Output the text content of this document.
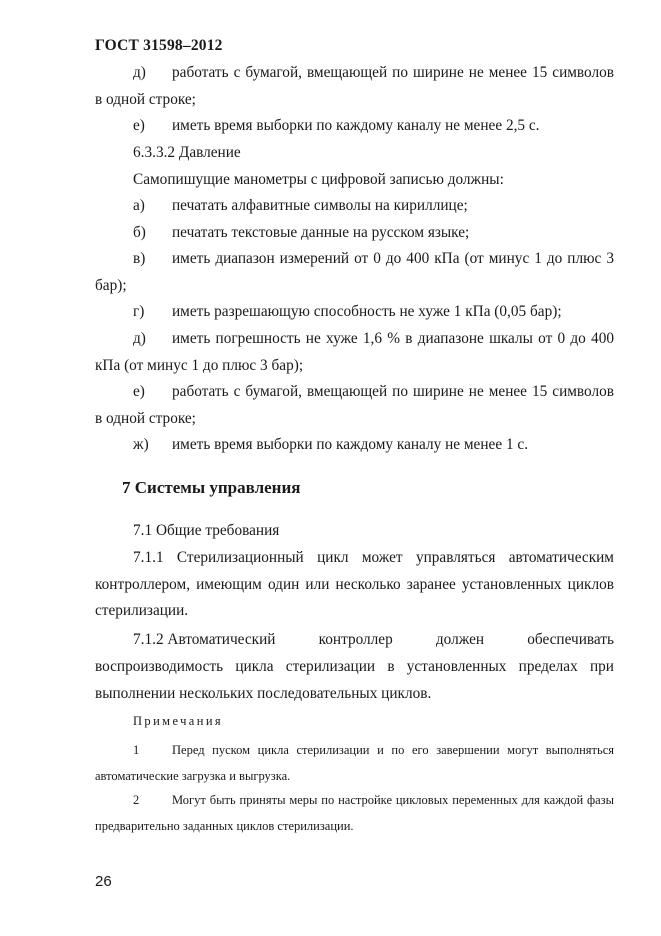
ГОСТ 31598–2012
д)	работать с бумагой, вмещающей по ширине не менее 15 символов в одной строке;
е)	иметь время выборки по каждому каналу не менее 2,5 с.
6.3.3.2 Давление
Самопишущие манометры с цифровой записью должны:
а)	печатать алфавитные символы на кириллице;
б)	печатать текстовые данные на русском языке;
в)	иметь диапазон измерений от 0 до 400 кПа (от минус 1 до плюс 3 бар);
г)	иметь разрешающую способность не хуже 1 кПа (0,05 бар);
д)	иметь погрешность не хуже 1,6 % в диапазоне шкалы от 0 до 400 кПа (от минус 1 до плюс 3 бар);
е)	работать с бумагой, вмещающей по ширине не менее 15 символов в одной строке;
ж)	иметь время выборки по каждому каналу не менее 1 с.
7 Системы управления
7.1 Общие требования
7.1.1 Стерилизационный цикл может управляться автоматическим контроллером, имеющим один или несколько заранее установленных циклов стерилизации.
7.1.2 Автоматический	контроллер	должен	обеспечивать
воспроизводимость цикла стерилизации в установленных пределах при выполнении нескольких последовательных циклов.
Примечания
1	Перед пуском цикла стерилизации и по его завершении могут выполняться автоматические загрузка и выгрузка.
2	Могут быть приняты меры по настройке цикловых переменных для каждой фазы предварительно заданных циклов стерилизации.
26
